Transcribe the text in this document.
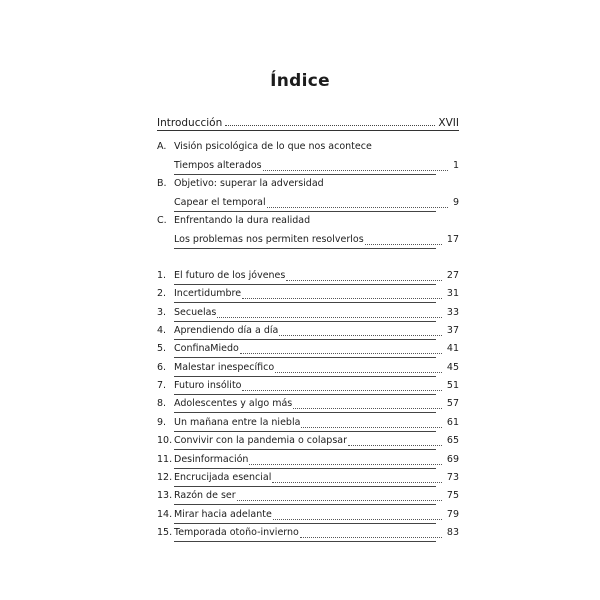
Índice
Introducción	XVII
A. Visión psicológica de lo que nos acontece
Tiempos alterados	1
B. Objetivo: superar la adversidad
Capear el temporal	9
C. Enfrentando la dura realidad
Los problemas nos permiten resolverlos	17
1. El futuro de los jóvenes	27
2. Incertidumbre	31
3. Secuelas	33
4. Aprendiendo día a día	37
5. ConfinaMiedo	41
6. Malestar inespecífico	45
7. Futuro insólito	51
8. Adolescentes y algo más	57
9. Un mañana entre la niebla	61
10. Convivir con la pandemia o colapsar	65
11. Desinformación	69
12. Encrucijada esencial	73
13. Razón de ser	75
14. Mirar hacia adelante	79
15. Temporada otoño-invierno	83
